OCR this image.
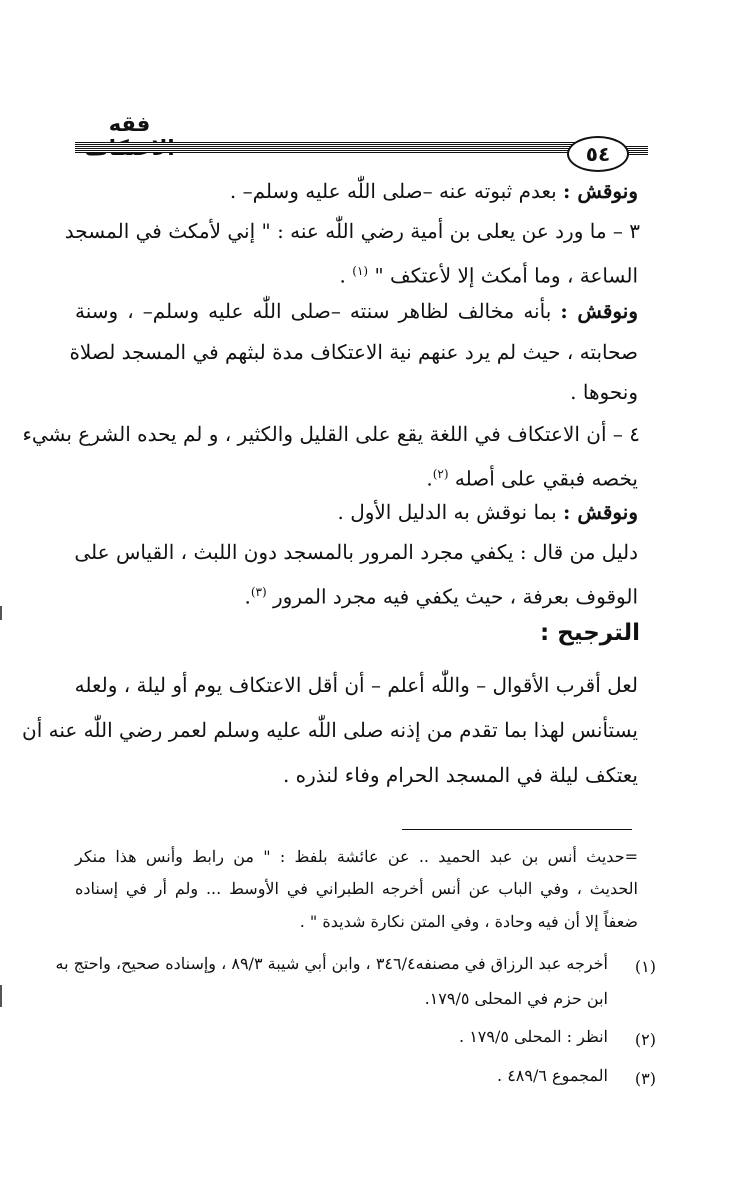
فقه
٥٤
ونوقش : بعدم ثبوته عنه –صلى اللّٰه عليه وسلم– .
٣ – ما ورد عن يعلى بن أمية رضي اللّٰه عنه : " إني لأمكث في المسجد
الساعة ، وما أمكث إلا لأعتكف " $^{(١)}$ .
ونوقش : بأنه مخالف لظاهر سنته –صلى اللّٰه عليه وسلم– ، وسنة
صحابته ، حيث لم يرد عنهم نية الاعتكاف مدة لبثهم في المسجد لصلاة
ونحوها .
٤ – أن الاعتكاف في اللغة يقع على القليل والكثير ، و لم يحده الشرع بشيء
يخصه فبقي على أصله $^{(٢)}$.
ونوقش : بما نوقش به الدليل الأول .
دليل من قال : يكفي مجرد المرور بالمسجد دون اللبث ، القياس على
الوقوف بعرفة ، حيث يكفي فيه مجرد المرور $^{(٣)}$.
الترجيح :
لعل أقرب الأقوال – واللّٰه أعلم – أن أقل الاعتكاف يوم أو ليلة ، ولعله
يستأنس لهذا بما تقدم من إذنه صلى اللّٰه عليه وسلم لعمر رضي اللّٰه عنه أن
يعتكف ليلة في المسجد الحرام وفاء لنذره .
=حديث أنس بن عبد الحميد .. عن عائشة بلفظ : " من رابط وأنس هذا منكر
الحديث ، وفي الباب عن أنس أخرجه الطبراني في الأوسط ... ولم أر في إسناده
ضعفاً إلا أن فيه وحادة ، وفي المتن نكارة شديدة " .
(١)
أخرجه عبد الرزاق في مصنفه٣٤٦/٤ ، وابن أبي شيبة ٨٩/٣ ، وإسناده صحيح، واحتج به
ابن حزم في المحلى ١٧٩/٥.
(٢)
انظر : المحلى ١٧٩/٥ .
(٣)
المجموع ٤٨٩/٦ .
